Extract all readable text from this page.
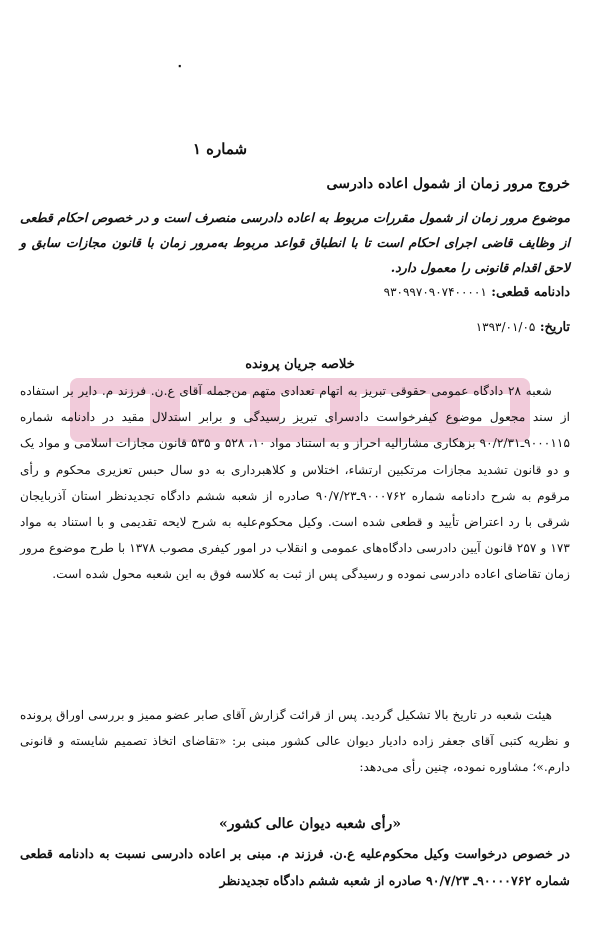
۰
شماره ۱
خروج مرور زمان از شمول اعاده دادرسی
موضوع مرور زمان از شمول مقررات مربوط به اعاده دادرسی منصرف است و در خصوص احکام قطعی از وظایف قاضی اجرای احکام است تا با انطباق قواعد مربوط به‌مرور زمان با قانون مجازات سابق و لاحق اقدام قانونی را معمول دارد.
دادنامه قطعی: ۹۳۰۹۹۷۰۹۰۷۴۰۰۰۰۱
تاریخ: ۱۳۹۳/۰۱/۰۵
خلاصه جریان پرونده
شعبه ۲۸ دادگاه عمومی حقوقی تبریز به اتهام تعدادی متهم من‌جمله آقای ع.ن. فرزند م. دایر بر استفاده از سند مجعول موضوع کیفرخواست دادسرای تبریز رسیدگی و برابر استدلال مقید در دادنامه شماره ۹۰۰۰۱۱۵ـ۹۰/۲/۳۱ بزهکاری مشارالیه احراز و به استناد مواد ۱۰، ۵۲۸ و ۵۳۵ قانون مجازات اسلامی و مواد یک و دو قانون تشدید مجازات مرتکبین ارتشاء، اختلاس و کلاهبرداری به دو سال حبس تعزیری محکوم و رأی مرقوم به شرح دادنامه شماره ۹۰۰۰۷۶۲ـ۹۰/۷/۲۳ صادره از شعبه ششم دادگاه تجدیدنظر استان آذربایجان شرقی با رد اعتراض تأیید و قطعی شده است. وکیل محکوم‌علیه به شرح لایحه تقدیمی و با استناد به مواد ۱۷۳ و ۲۵۷ قانون آیین دادرسی دادگاه‌های عمومی و انقلاب در امور کیفری مصوب ۱۳۷۸ با طرح موضوع مرور زمان تقاضای اعاده دادرسی نموده و رسیدگی پس از ثبت به کلاسه فوق به این شعبه محول شده است.
هیئت شعبه در تاریخ بالا تشکیل گردید. پس از قرائت گزارش آقای صابر عضو ممیز و بررسی اوراق پرونده و نظریه کتبی آقای جعفر زاده دادیار دیوان عالی کشور مبنی بر: «تقاضای اتخاذ تصمیم شایسته و قانونی دارم.»؛ مشاوره نموده، چنین رأی می‌دهد:
«رأی شعبه دیوان عالی کشور»
در خصوص درخواست وکیل محکوم‌علیه ع.ن. فرزند م. مبنی بر اعاده دادرسی نسبت به دادنامه قطعی شماره ۹۰۰۰۰۷۶۲ـ ۹۰/۷/۲۳ صادره از شعبه ششم دادگاه تجدیدنظر
